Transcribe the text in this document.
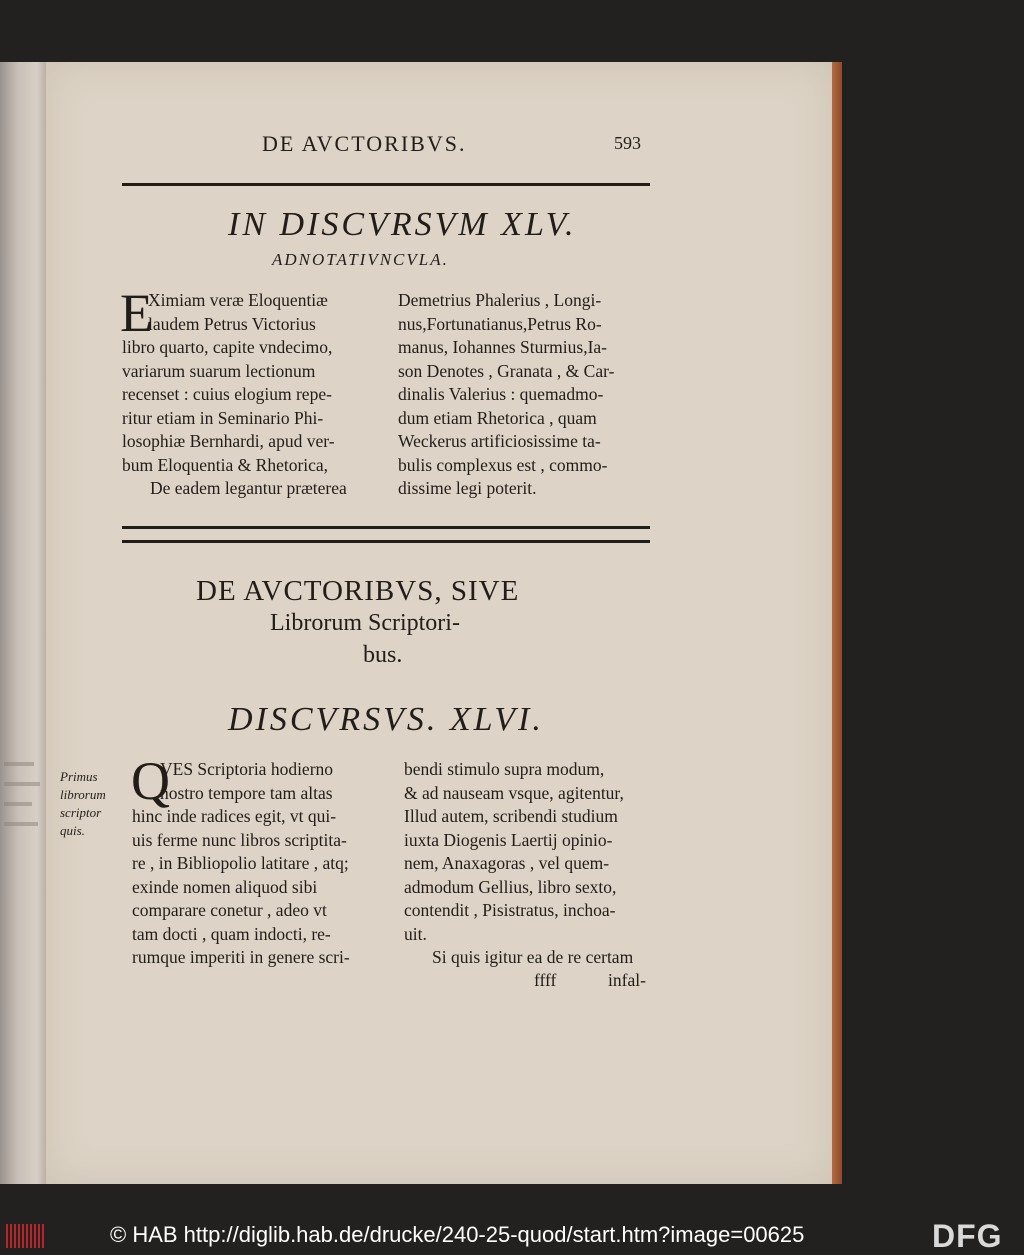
DE AVCTORIBVS.	593
IN DISCVRSVM XLV.
ADNOTATIVNCVLA.
E
Ximiam veræ Eloquentiæ
laudem Petrus Victorius
libro quarto, capite vndecimo,
variarum suarum lectionum
recenset : cuius elogium repe-
ritur etiam in Seminario Phi-
losophiæ Bernhardi, apud ver-
bum Eloquentia & Rhetorica,
De eadem legantur præterea
Demetrius Phalerius , Longi-
nus,Fortunatianus,Petrus Ro-
manus, Iohannes Sturmius,Ia-
son Denotes , Granata , & Car-
dinalis Valerius : quemadmo-
dum etiam Rhetorica , quam
Weckerus artificiosissime ta-
bulis complexus est , commo-
dissime legi poterit.
DE AVCTORIBVS, SIVE
Librorum Scriptori-
bus.
DISCVRSVS. XLVI.
Primus
librorum
scriptor
quis.
Q
VES Scriptoria hodierno
nostro tempore tam altas
hinc inde radices egit, vt qui-
uis ferme nunc libros scriptita-
re , in Bibliopolio latitare , atq;
exinde nomen aliquod sibi
comparare conetur , adeo vt
tam docti , quam indocti, re-
rumque imperiti in genere scri-
bendi stimulo supra modum,
& ad nauseam vsque, agitentur,
Illud autem, scribendi studium
iuxta Diogenis Laertij opinio-
nem, Anaxagoras , vel quem-
admodum Gellius, libro sexto,
contendit , Pisistratus, inchoa-
uit.
Si quis igitur ea de re certam
ffff	infal-
© HAB http://diglib.hab.de/drucke/240-25-quod/start.htm?image=00625	DFG
